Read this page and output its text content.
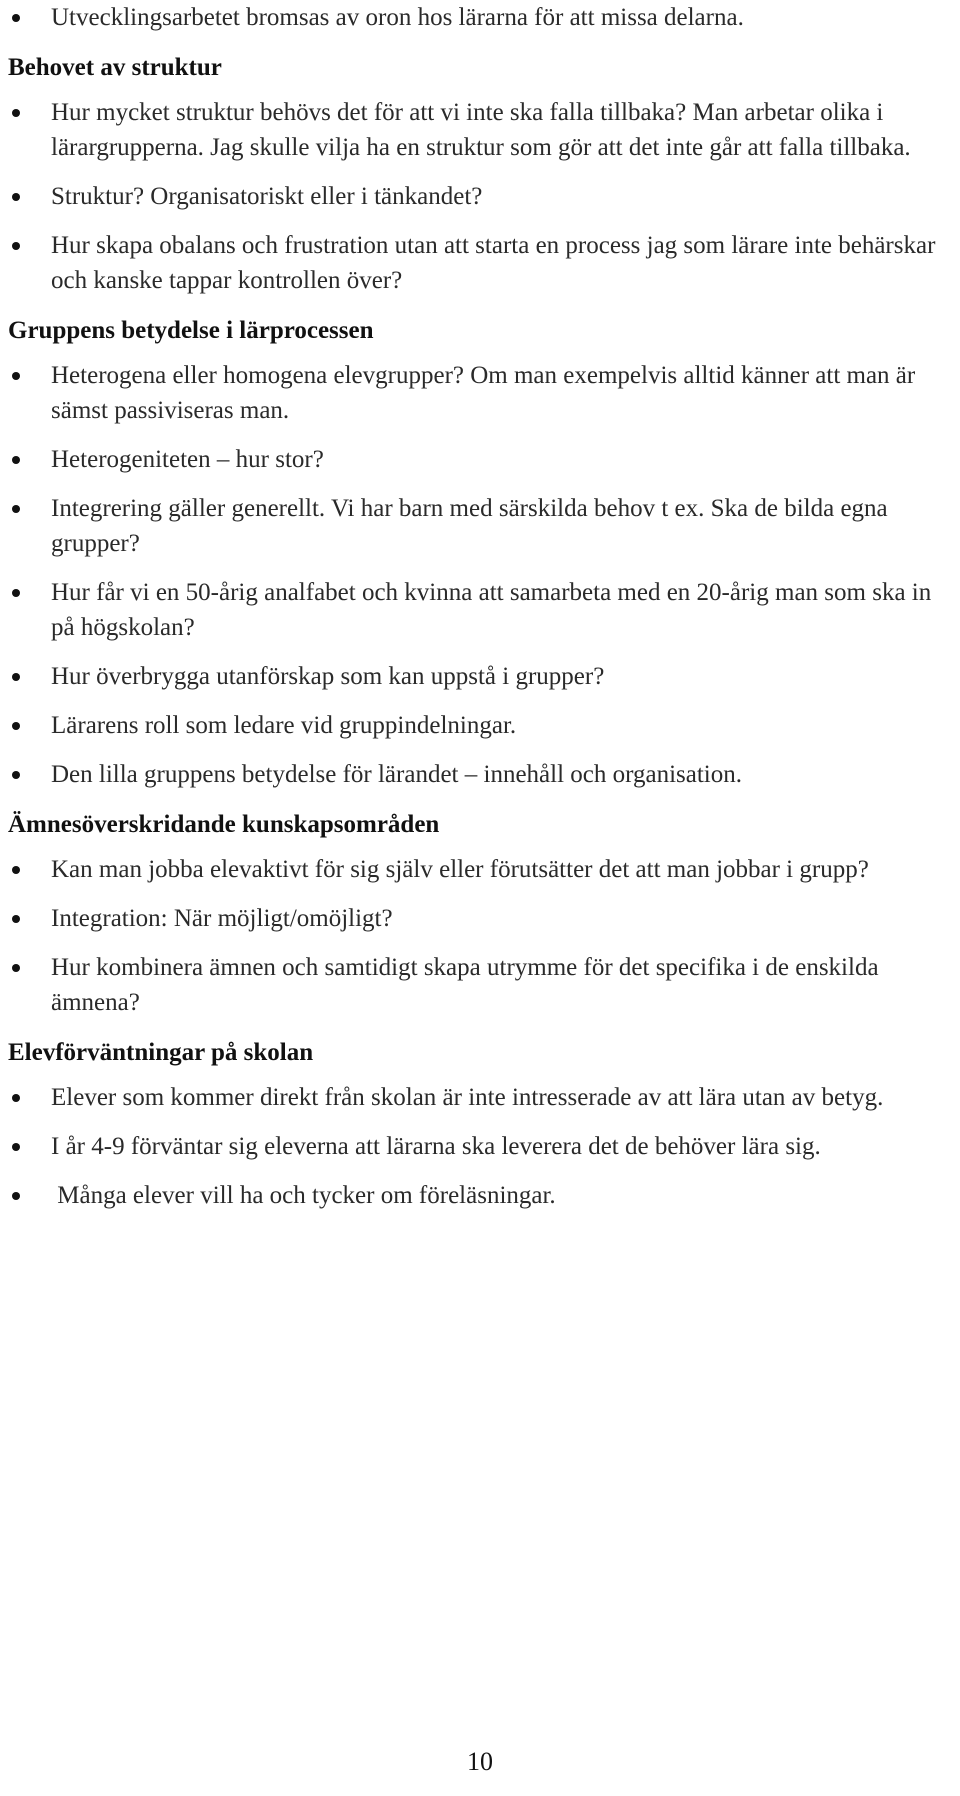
Utvecklingsarbetet bromsas av oron hos lärarna för att missa delarna.
Behovet av struktur
Hur mycket struktur behövs det för att vi inte ska falla tillbaka? Man arbetar olika i lärargrupperna. Jag skulle vilja ha en struktur som gör att det inte går att falla tillbaka.
Struktur? Organisatoriskt eller i tänkandet?
Hur skapa obalans och frustration utan att starta en process jag som lärare inte behärskar och kanske tappar kontrollen över?
Gruppens betydelse i lärprocessen
Heterogena eller homogena elevgrupper? Om man exempelvis alltid känner att man är sämst passiviseras man.
Heterogeniteten – hur stor?
Integrering gäller generellt. Vi har barn med särskilda behov t ex. Ska de bilda egna grupper?
Hur får vi en 50-årig analfabet och kvinna att samarbeta med en 20-årig man som ska in på högskolan?
Hur överbrygga utanförskap som kan uppstå i grupper?
Lärarens roll som ledare vid gruppindelningar.
Den lilla gruppens betydelse för lärandet – innehåll och organisation.
Ämnesöverskridande kunskapsområden
Kan man jobba elevaktivt för sig själv eller förutsätter det att man jobbar i grupp?
Integration: När möjligt/omöjligt?
Hur kombinera ämnen och samtidigt skapa utrymme för det specifika i de enskilda ämnena?
Elevförväntningar på skolan
Elever som kommer direkt från skolan är inte intresserade av att lära utan av betyg.
I år 4-9 förväntar sig eleverna att lärarna ska leverera det de behöver lära sig.
Många elever vill ha och tycker om föreläsningar.
10
